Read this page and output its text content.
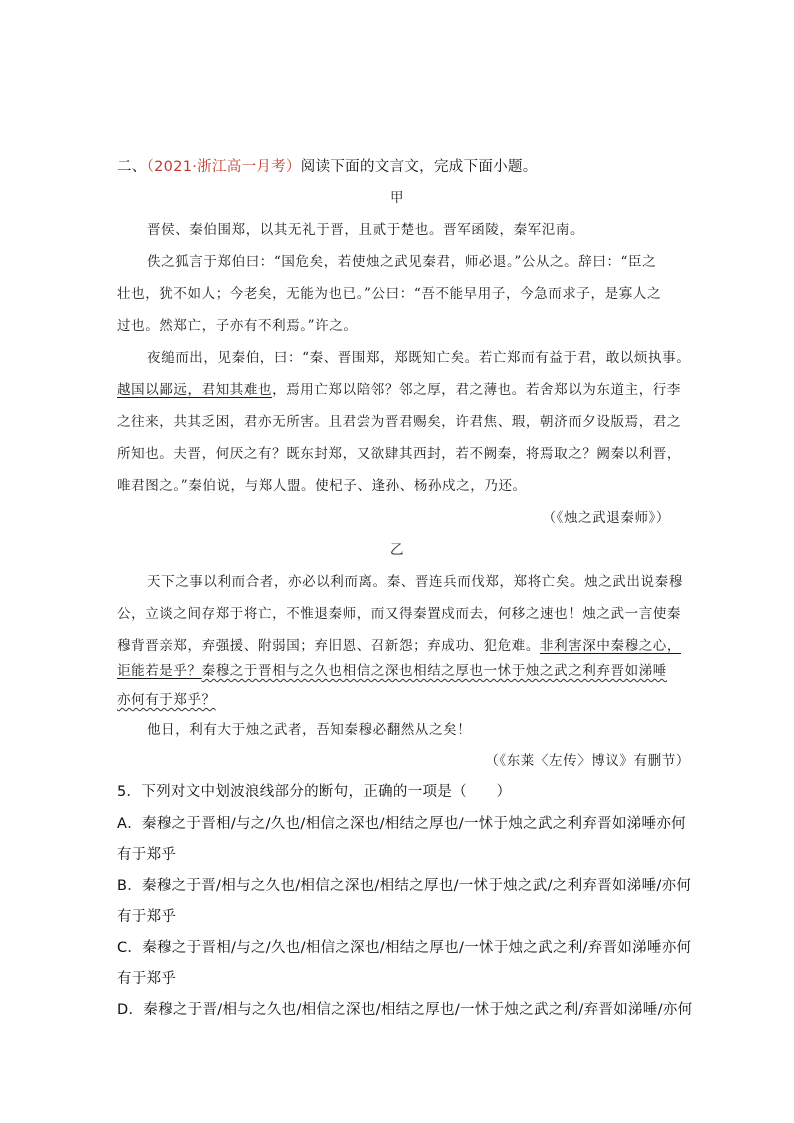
二、（2021·浙江高一月考）阅读下面的文言文，完成下面小题。
甲
晋侯、秦伯围郑，以其无礼于晋，且贰于楚也。晋军函陵，秦军氾南。
佚之狐言于郑伯曰：“国危矣，若使烛之武见秦君，师必退。”公从之。辞曰：“臣之
壮也，犹不如人；今老矣，无能为也已。”公曰：“吾不能早用子，今急而求子，是寡人之
过也。然郑亡，子亦有不利焉。”许之。
夜缒而出，见秦伯，曰：“秦、晋围郑，郑既知亡矣。若亡郑而有益于君，敢以烦执事。
越国以鄙远，君知其难也，焉用亡郑以陪邻？邻之厚，君之薄也。若舍郑以为东道主，行李
之往来，共其乏困，君亦无所害。且君尝为晋君赐矣，许君焦、瑕，朝济而夕设版焉，君之
所知也。夫晋，何厌之有？既东封郑，又欲肆其西封，若不阙秦，将焉取之？阙秦以利晋，
唯君图之。”秦伯说，与郑人盟。使杞子、逢孙、杨孙戍之，乃还。
（《烛之武退秦师》）
乙
天下之事以利而合者，亦必以利而离。秦、晋连兵而伐郑，郑将亡矣。烛之武出说秦穆
公，立谈之间存郑于将亡，不惟退秦师，而又得秦置戍而去，何移之速也！烛之武一言使秦
穆背晋亲郑，弃强援、附弱国；弃旧恩、召新怨；弃成功、犯危难。非利害深中秦穆之心，
讵能若是乎？秦穆之于晋相与之久也相信之深也相结之厚也一怵于烛之武之利弃晋如涕唾
亦何有于郑乎？
他日，利有大于烛之武者，吾知秦穆必翻然从之矣！
（《东莱〈左传〉博议》有删节）
5．下列对文中划波浪线部分的断句，正确的一项是（　　）
A．秦穆之于晋相/与之/久也/相信之深也/相结之厚也/一怵于烛之武之利弃晋如涕唾亦何
有于郑乎
B．秦穆之于晋/相与之久也/相信之深也/相结之厚也/一怵于烛之武/之利弃晋如涕唾/亦何
有于郑乎
C．秦穆之于晋相/与之/久也/相信之深也/相结之厚也/一怵于烛之武之利/弃晋如涕唾亦何
有于郑乎
D．秦穆之于晋/相与之久也/相信之深也/相结之厚也/一怵于烛之武之利/弃晋如涕唾/亦何
